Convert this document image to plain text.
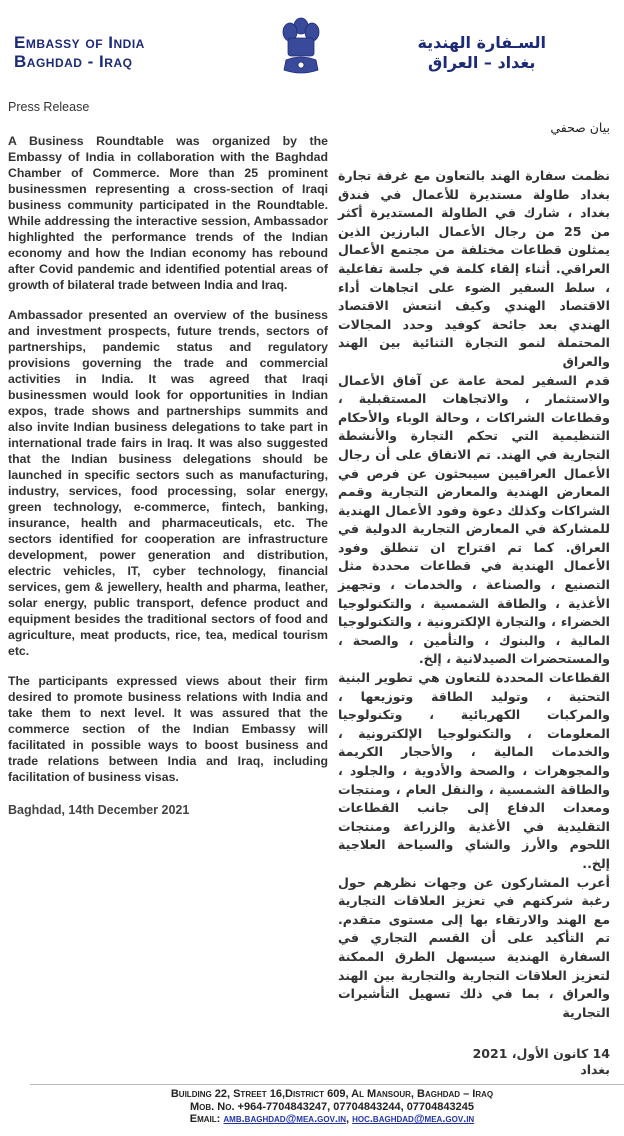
Embassy of India
Baghdad - Iraq
السـفارة الهندية
بغداد – العراق
Press Release

A Business Roundtable was organized by the Embassy of India in collaboration with the Baghdad Chamber of Commerce. More than 25 prominent businessmen representing a cross-section of Iraqi business community participated in the Roundtable. While addressing the interactive session, Ambassador highlighted the performance trends of the Indian economy and how the Indian economy has rebound after Covid pandemic and identified potential areas of growth of bilateral trade between India and Iraq.

Ambassador presented an overview of the business and investment prospects, future trends, sectors of partnerships, pandemic status and regulatory provisions governing the trade and commercial activities in India. It was agreed that Iraqi businessmen would look for opportunities in Indian expos, trade shows and partnerships summits and also invite Indian business delegations to take part in international trade fairs in Iraq. It was also suggested that the Indian business delegations should be launched in specific sectors such as manufacturing, industry, services, food processing, solar energy, green technology, e-commerce, fintech, banking, insurance, health and pharmaceuticals, etc. The sectors identified for cooperation are infrastructure development, power generation and distribution, electric vehicles, IT, cyber technology, financial services, gem & jewellery, health and pharma, leather, solar energy, public transport, defence product and equipment besides the traditional sectors of food and agriculture, meat products, rice, tea, medical tourism etc.

The participants expressed views about their firm desired to promote business relations with India and take them to next level. It was assured that the commerce section of the Indian Embassy will facilitated in possible ways to boost business and trade relations between India and Iraq, including facilitation of business visas.

Baghdad, 14th December 2021
بيان صحفي

نظمت سفارة الهند بالتعاون مع غرفة تجارة بغداد طاولة مستديرة للأعمال في فندق بغداد ، شارك في الطاولة المستديرة أكثر من 25 من رجال الأعمال البارزين الذين يمثلون قطاعات مختلفة من مجتمع الأعمال العراقي. أثناء إلقاء كلمة في جلسة تفاعلية ، سلط السفير الضوء على اتجاهات أداء الاقتصاد الهندي وكيف انتعش الاقتصاد الهندي بعد جائحة كوفيد وحدد المجالات المحتملة لنمو التجارة الثنائية بين الهند والعراق

قدم السفير لمحة عامة عن آفاق الأعمال والاستثمار ، والاتجاهات المستقبلية ، وقطاعات الشراكات ، وحالة الوباء والأحكام التنظيمية التي تحكم التجارة والأنشطة التجارية في الهند. تم الاتفاق على أن رجال الأعمال العراقيين سيبحثون عن فرص في المعارض الهندية والمعارض التجارية وقمم الشراكات وكذلك دعوة وفود الأعمال الهندية للمشاركة في المعارض التجارية الدولية في العراق. كما تم اقتراح ان تنطلق وفود الأعمال الهندية في قطاعات محددة مثل التصنيع ، والصناعة ، والخدمات ، وتجهيز الأغذية ، والطاقة الشمسية ، والتكنولوجيا الخضراء ، والتجارة الإلكترونية ، والتكنولوجيا المالية ، والبنوك ، والتأمين ، والصحة ، والمستحضرات الصيدلانية ، إلخ.

القطاعات المحددة للتعاون هي تطوير البنية التحتية ، وتوليد الطاقة وتوزيعها ، والمركبات الكهربائية ، وتكنولوجيا المعلومات ، والتكنولوجيا الإلكترونية ، والخدمات المالية ، والأحجار الكريمة والمجوهرات ، والصحة والأدوية ، والجلود ، والطاقة الشمسية ، والنقل العام ، ومنتجات ومعدات الدفاع إلى جانب القطاعات التقليدية في الأغذية والزراعة ومنتجات اللحوم والأرز والشاي والسياحة العلاجية إلخ..

أعرب المشاركون عن وجهات نظرهم حول رغبة شركتهم في تعزيز العلاقات التجارية مع الهند والارتقاء بها إلى مستوى متقدم. تم التأكيد على أن القسم التجاري في السفارة الهندية سيسهل الطرق الممكنة لتعزيز العلاقات التجارية والتجارية بين الهند والعراق ، بما في ذلك تسهيل التأشيرات التجارية

14 كانون الأول، 2021
بغداد
Building 22, Street 16,District 609, Al Mansour, Baghdad – Iraq
Mob. No. +964-7704843247, 07704843244, 07704843245
Email: amb.baghdad@mea.gov.in, hoc.baghdad@mea.gov.in
